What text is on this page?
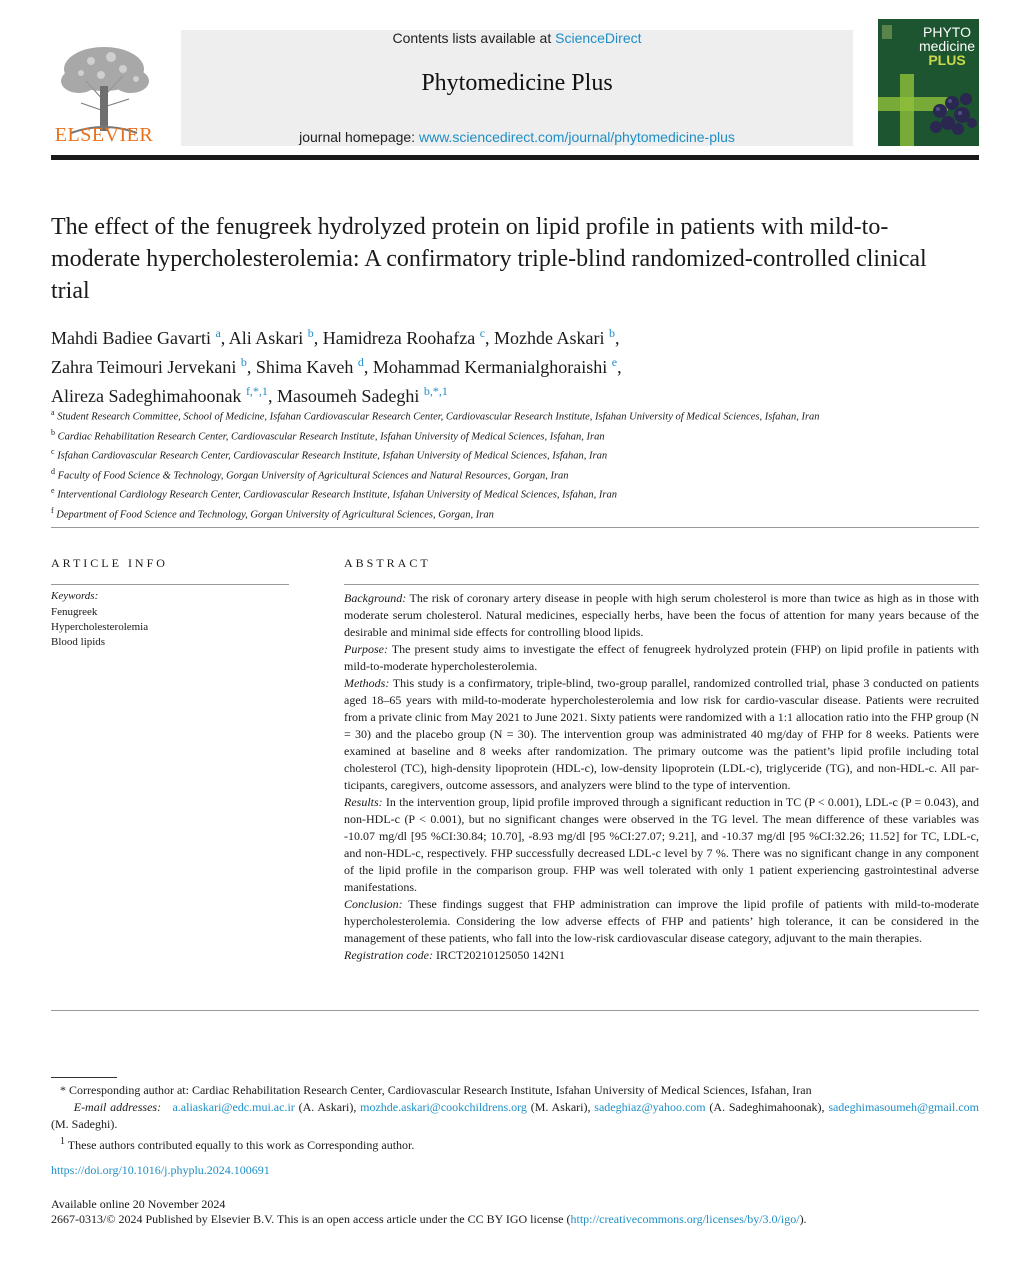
ELSEVIER
Contents lists available at ScienceDirect
Phytomedicine Plus
journal homepage: www.sciencedirect.com/journal/phytomedicine-plus
PHYTO
medicine
PLUS
The effect of the fenugreek hydrolyzed protein on lipid profile in patients with mild-to-moderate hypercholesterolemia: A confirmatory triple-blind randomized-controlled clinical trial
Mahdi Badiee Gavarti $^a$, Ali Askari $^b$, Hamidreza Roohafza $^c$, Mozhde Askari $^b$,
Zahra Teimouri Jervekani $^b$, Shima Kaveh $^d$, Mohammad Kermanialghoraishi $^e$,
Alireza Sadeghimahoonak $^{f,*,1}$, Masoumeh Sadeghi $^{b,*,1}$
$^a$ Student Research Committee, School of Medicine, Isfahan Cardiovascular Research Center, Cardiovascular Research Institute, Isfahan University of Medical Sciences, Isfahan, Iran
$^b$ Cardiac Rehabilitation Research Center, Cardiovascular Research Institute, Isfahan University of Medical Sciences, Isfahan, Iran
$^c$ Isfahan Cardiovascular Research Center, Cardiovascular Research Institute, Isfahan University of Medical Sciences, Isfahan, Iran
$^d$ Faculty of Food Science & Technology, Gorgan University of Agricultural Sciences and Natural Resources, Gorgan, Iran
$^e$ Interventional Cardiology Research Center, Cardiovascular Research Institute, Isfahan University of Medical Sciences, Isfahan, Iran
$^f$ Department of Food Science and Technology, Gorgan University of Agricultural Sciences, Gorgan, Iran
ARTICLE INFO
Keywords:
Fenugreek
Hypercholesterolemia
Blood lipids
ABSTRACT

Background: The risk of coronary artery disease in people with high serum cholesterol is more than twice as high as in those with moderate serum cholesterol. Natural medicines, especially herbs, have been the focus of attention for many years because of the desirable and minimal side effects for controlling blood lipids.

Purpose: The present study aims to investigate the effect of fenugreek hydrolyzed protein (FHP) on lipid profile in patients with mild-to-moderate hypercholesterolemia.

Methods: This study is a confirmatory, triple-blind, two-group parallel, randomized controlled trial, phase 3 conducted on patients aged 18–65 years with mild-to-moderate hypercholesterolemia and low risk for cardio-vascular disease. Patients were recruited from a private clinic from May 2021 to June 2021. Sixty patients were randomized with a 1:1 allocation ratio into the FHP group (N = 30) and the placebo group (N = 30). The intervention group was administrated 40 mg/day of FHP for 8 weeks. Patients were examined at baseline and 8 weeks after randomization. The primary outcome was the patient’s lipid profile including total cholesterol (TC), high-density lipoprotein (HDL-c), low-density lipoprotein (LDL-c), triglyceride (TG), and non-HDL-c. All par-ticipants, caregivers, outcome assessors, and analyzers were blind to the type of intervention.

Results: In the intervention group, lipid profile improved through a significant reduction in TC (P < 0.001), LDL-c (P = 0.043), and non-HDL-c (P < 0.001), but no significant changes were observed in the TG level. The mean difference of these variables was -10.07 mg/dl [95 %CI:30.84; 10.70], -8.93 mg/dl [95 %CI:27.07; 9.21], and -10.37 mg/dl [95 %CI:32.26; 11.52] for TC, LDL-c, and non-HDL-c, respectively. FHP successfully decreased LDL-c level by 7 %. There was no significant change in any component of the lipid profile in the comparison group. FHP was well tolerated with only 1 patient experiencing gastrointestinal adverse manifestations.

Conclusion: These findings suggest that FHP administration can improve the lipid profile of patients with mild-to-moderate hypercholesterolemia. Considering the low adverse effects of FHP and patients’ high tolerance, it can be considered in the management of these patients, who fall into the low-risk cardiovascular disease category, adjuvant to the main therapies.

Registration code: IRCT20210125050 142N1

* Corresponding author at: Cardiac Rehabilitation Research Center, Cardiovascular Research Institute, Isfahan University of Medical Sciences, Isfahan, Iran

E-mail addresses: a.aliaskari@edc.mui.ac.ir (A. Askari), mozhde.askari@cookchildrens.org (M. Askari), sadeghiaz@yahoo.com (A. Sadeghimahoonak), sadeghimasoumeh@gmail.com (M. Sadeghi).

$^1$ These authors contributed equally to this work as Corresponding author.

https://doi.org/10.1016/j.phyplu.2024.100691
Available online 20 November 2024
2667-0313/© 2024 Published by Elsevier B.V. This is an open access article under the CC BY IGO license (http://creativecommons.org/licenses/by/3.0/igo/).
